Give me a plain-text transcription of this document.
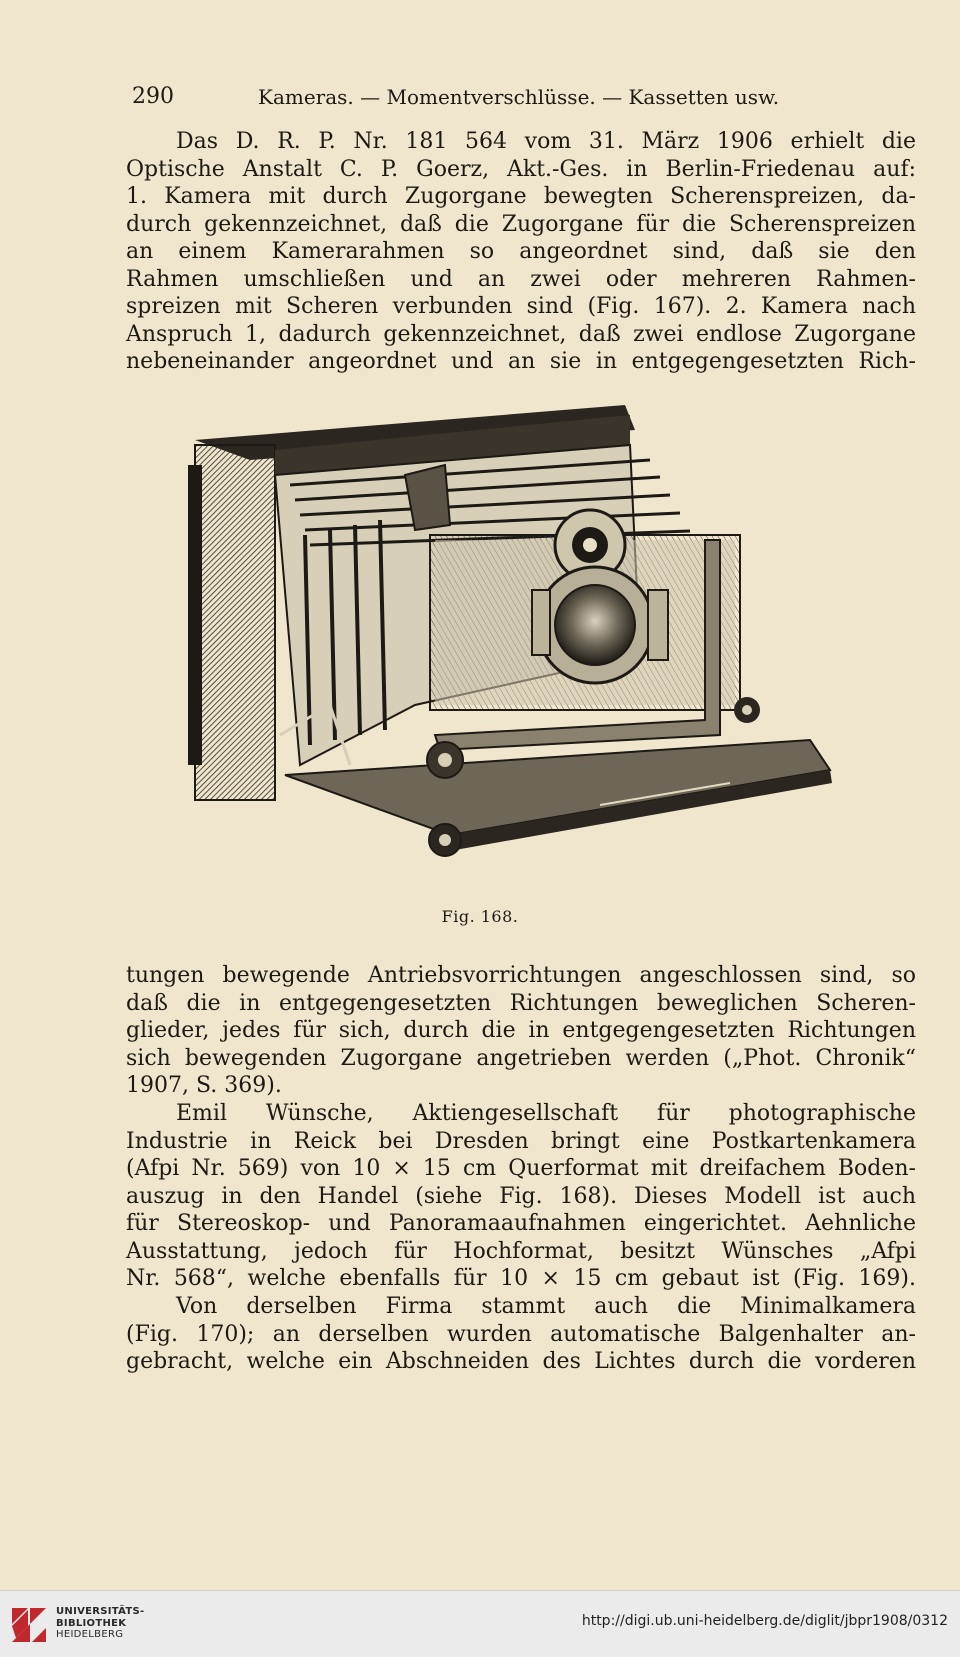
290	Kameras. — Momentverschlüsse. — Kassetten usw.

Das D. R. P. Nr. 181 564 vom 31. März 1906 erhielt die
Optische Anstalt C. P. Goerz, Akt.-Ges. in Berlin-Friedenau auf:
1. Kamera mit durch Zugorgane bewegten Scherenspreizen, da-
durch gekennzeichnet, daß die Zugorgane für die Scherenspreizen
an einem Kamerarahmen so angeordnet sind, daß sie den
Rahmen umschließen und an zwei oder mehreren Rahmen-
spreizen mit Scheren verbunden sind (Fig. 167). 2. Kamera nach
Anspruch 1, dadurch gekennzeichnet, daß zwei endlose Zugorgane
nebeneinander angeordnet und an sie in entgegengesetzten Rich-

Fig. 168.

tungen bewegende Antriebsvorrichtungen angeschlossen sind, so
daß die in entgegengesetzten Richtungen beweglichen Scheren-
glieder, jedes für sich, durch die in entgegengesetzten Richtungen
sich bewegenden Zugorgane angetrieben werden („Phot. Chronik“
1907, S. 369).

Emil Wünsche, Aktiengesellschaft für photographische
Industrie in Reick bei Dresden bringt eine Postkartenkamera
(Afpi Nr. 569) von 10 × 15 cm Querformat mit dreifachem Boden-
auszug in den Handel (siehe Fig. 168). Dieses Modell ist auch
für Stereoskop- und Panoramaaufnahmen eingerichtet. Aehnliche
Ausstattung, jedoch für Hochformat, besitzt Wünsches „Afpi
Nr. 568“, welche ebenfalls für 10 × 15 cm gebaut ist (Fig. 169).

Von derselben Firma stammt auch die Minimalkamera
(Fig. 170); an derselben wurden automatische Balgenhalter an-
gebracht, welche ein Abschneiden des Lichtes durch die vorderen

UNIVERSITÄTS-
BIBLIOTHEK
HEIDELBERG
http://digi.ub.uni-heidelberg.de/diglit/jbpr1908/0312
